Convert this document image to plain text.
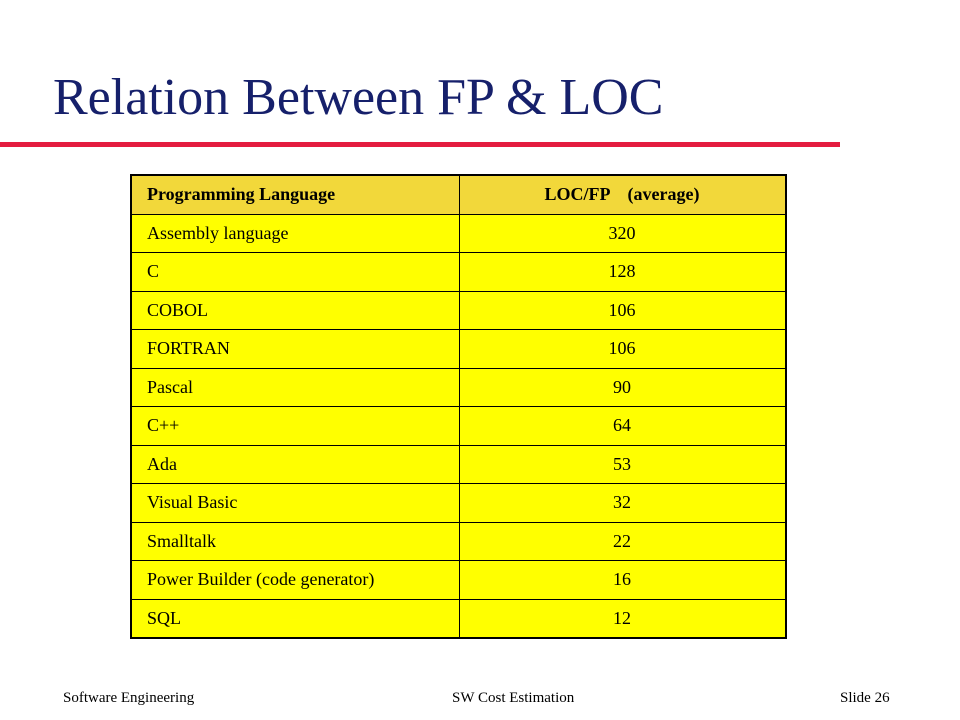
Relation Between FP & LOC
Programming Language	LOC/FP    (average)
Assembly language	320
C	128
COBOL	106
FORTRAN	106
Pascal	90
C++	64
Ada	53
Visual Basic	32
Smalltalk	22
Power Builder (code generator)	16
SQL	12
Software Engineering	SW Cost Estimation	Slide 26
